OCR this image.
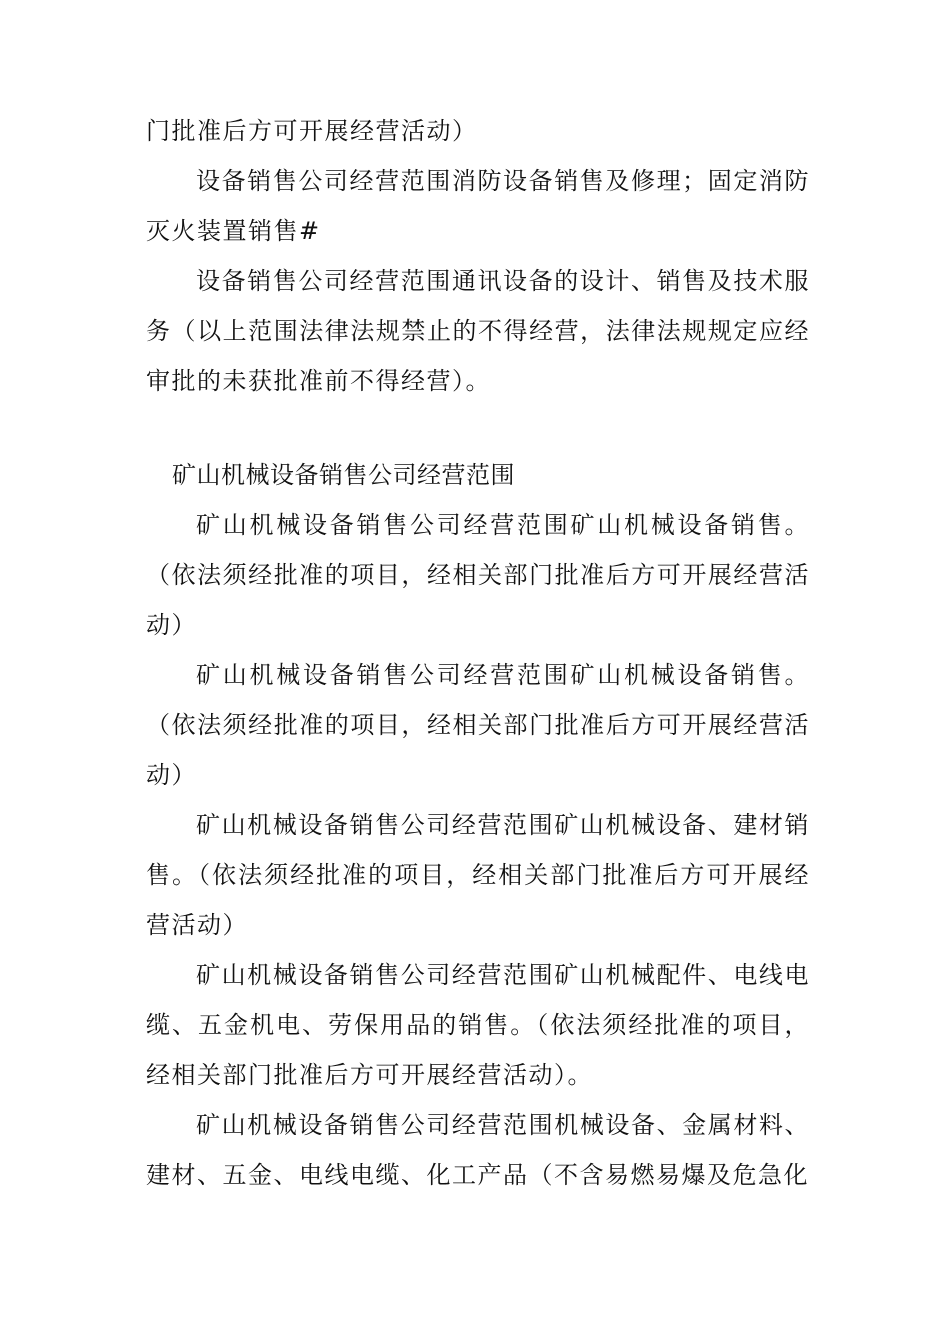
门批准后方可开展经营活动）

设备销售公司经营范围消防设备销售及修理；固定消防灭火装置销售#

设备销售公司经营范围通讯设备的设计、销售及技术服务（以上范围法律法规禁止的不得经营，法律法规规定应经审批的未获批准前不得经营）。

矿山机械设备销售公司经营范围

矿山机械设备销售公司经营范围矿山机械设备销售。（依法须经批准的项目，经相关部门批准后方可开展经营活动）

矿山机械设备销售公司经营范围矿山机械设备销售。（依法须经批准的项目，经相关部门批准后方可开展经营活动）

矿山机械设备销售公司经营范围矿山机械设备、建材销售。（依法须经批准的项目，经相关部门批准后方可开展经营活动）

矿山机械设备销售公司经营范围矿山机械配件、电线电缆、五金机电、劳保用品的销售。（依法须经批准的项目，经相关部门批准后方可开展经营活动）。

矿山机械设备销售公司经营范围机械设备、金属材料、建材、五金、电线电缆、化工产品（不含易燃易爆及危急化
